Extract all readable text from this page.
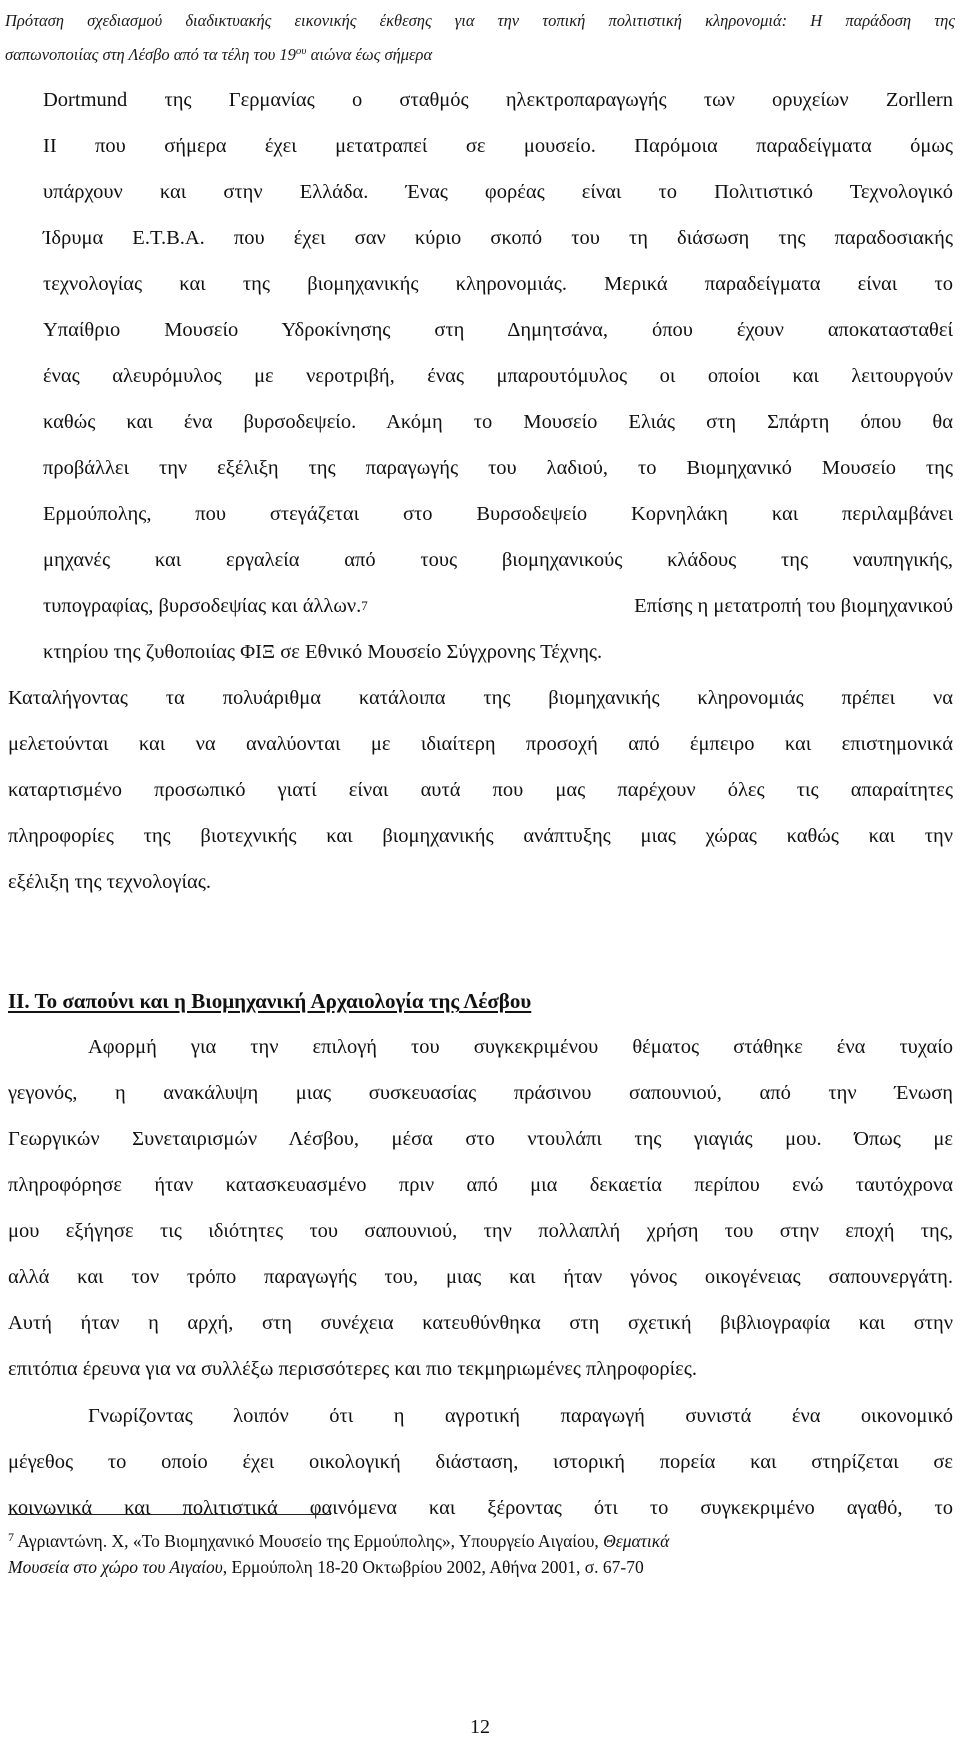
Πρόταση σχεδιασμού διαδικτυακής εικονικής έκθεσης για την τοπική πολιτιστική κληρονομιά: Η παράδοση της
σαπωνοποιίας στη Λέσβο από τα τέλη του $19^{o\upsilon}$ αιώνα έως σήμερα
Dortmund της Γερμανίας ο σταθμός ηλεκτροπαραγωγής των ορυχείων Zorllern
II που σήμερα έχει μετατραπεί σε μουσείο. Παρόμοια παραδείγματα όμως
υπάρχουν και στην Ελλάδα. Ένας φορέας είναι το Πολιτιστικό Τεχνολογικό
Ίδρυμα Ε.Τ.Β.Α. που έχει σαν κύριο σκοπό του τη διάσωση της παραδοσιακής
τεχνολογίας και της βιομηχανικής κληρονομιάς. Μερικά παραδείγματα είναι το
Υπαίθριο Μουσείο Υδροκίνησης στη Δημητσάνα, όπου έχουν αποκατασταθεί
ένας αλευρόμυλος με νεροτριβή, ένας μπαρουτόμυλος οι οποίοι και λειτουργούν
καθώς και ένα βυρσοδεψείο. Ακόμη το Μουσείο Ελιάς στη Σπάρτη όπου θα
προβάλλει την εξέλιξη της παραγωγής του λαδιού, το Βιομηχανικό Μουσείο της
Ερμούπολης, που στεγάζεται στο Βυρσοδεψείο Κορνηλάκη και περιλαμβάνει
μηχανές και εργαλεία από τους βιομηχανικούς κλάδους της ναυπηγικής,
τυπογραφίας, βυρσοδεψίας και άλλων. 7	Επίσης η μετατροπή του βιομηχανικού
κτηρίου της ζυθοποιίας ΦΙΞ σε Εθνικό Μουσείο Σύγχρονης Τέχνης.
Καταλήγοντας τα πολυάριθμα κατάλοιπα της βιομηχανικής κληρονομιάς πρέπει να
μελετούνται και να αναλύονται με ιδιαίτερη προσοχή από έμπειρο και επιστημονικά
καταρτισμένο προσωπικό γιατί είναι αυτά που μας παρέχουν όλες τις απαραίτητες
πληροφορίες της βιοτεχνικής και βιομηχανικής ανάπτυξης μιας χώρας καθώς και την
εξέλιξη της τεχνολογίας.
ΙΙ. Το σαπούνι και η Βιομηχανική Αρχαιολογία της Λέσβου
Αφορμή για την επιλογή του συγκεκριμένου θέματος στάθηκε ένα τυχαίο
γεγονός, η ανακάλυψη μιας συσκευασίας πράσινου σαπουνιού, από την Ένωση
Γεωργικών Συνεταιρισμών Λέσβου, μέσα στο ντουλάπι της γιαγιάς μου. Όπως με
πληροφόρησε ήταν κατασκευασμένο πριν από μια δεκαετία περίπου ενώ ταυτόχρονα
μου εξήγησε τις ιδιότητες του σαπουνιού, την πολλαπλή χρήση του στην εποχή της,
αλλά και τον τρόπο παραγωγής του, μιας και ήταν γόνος οικογένειας σαπουνεργάτη.
Αυτή ήταν η αρχή, στη συνέχεια κατευθύνθηκα στη σχετική βιβλιογραφία και στην
επιτόπια έρευνα για να συλλέξω περισσότερες και πιο τεκμηριωμένες πληροφορίες.
Γνωρίζοντας λοιπόν ότι η αγροτική παραγωγή συνιστά ένα οικονομικό
μέγεθος το οποίο έχει οικολογική διάσταση, ιστορική πορεία και στηρίζεται σε
κοινωνικά και πολιτιστικά φαινόμενα και ξέροντας ότι το συγκεκριμένο αγαθό, το
$^7$ Αγριαντώνη. Χ, «Το Βιομηχανικό Μουσείο της Ερμούπολης», Υπουργείο Αιγαίου, Θεματικά
Μουσεία στο χώρο του Αιγαίου, Ερμούπολη 18-20 Οκτωβρίου 2002, Αθήνα 2001, σ. 67-70
12
